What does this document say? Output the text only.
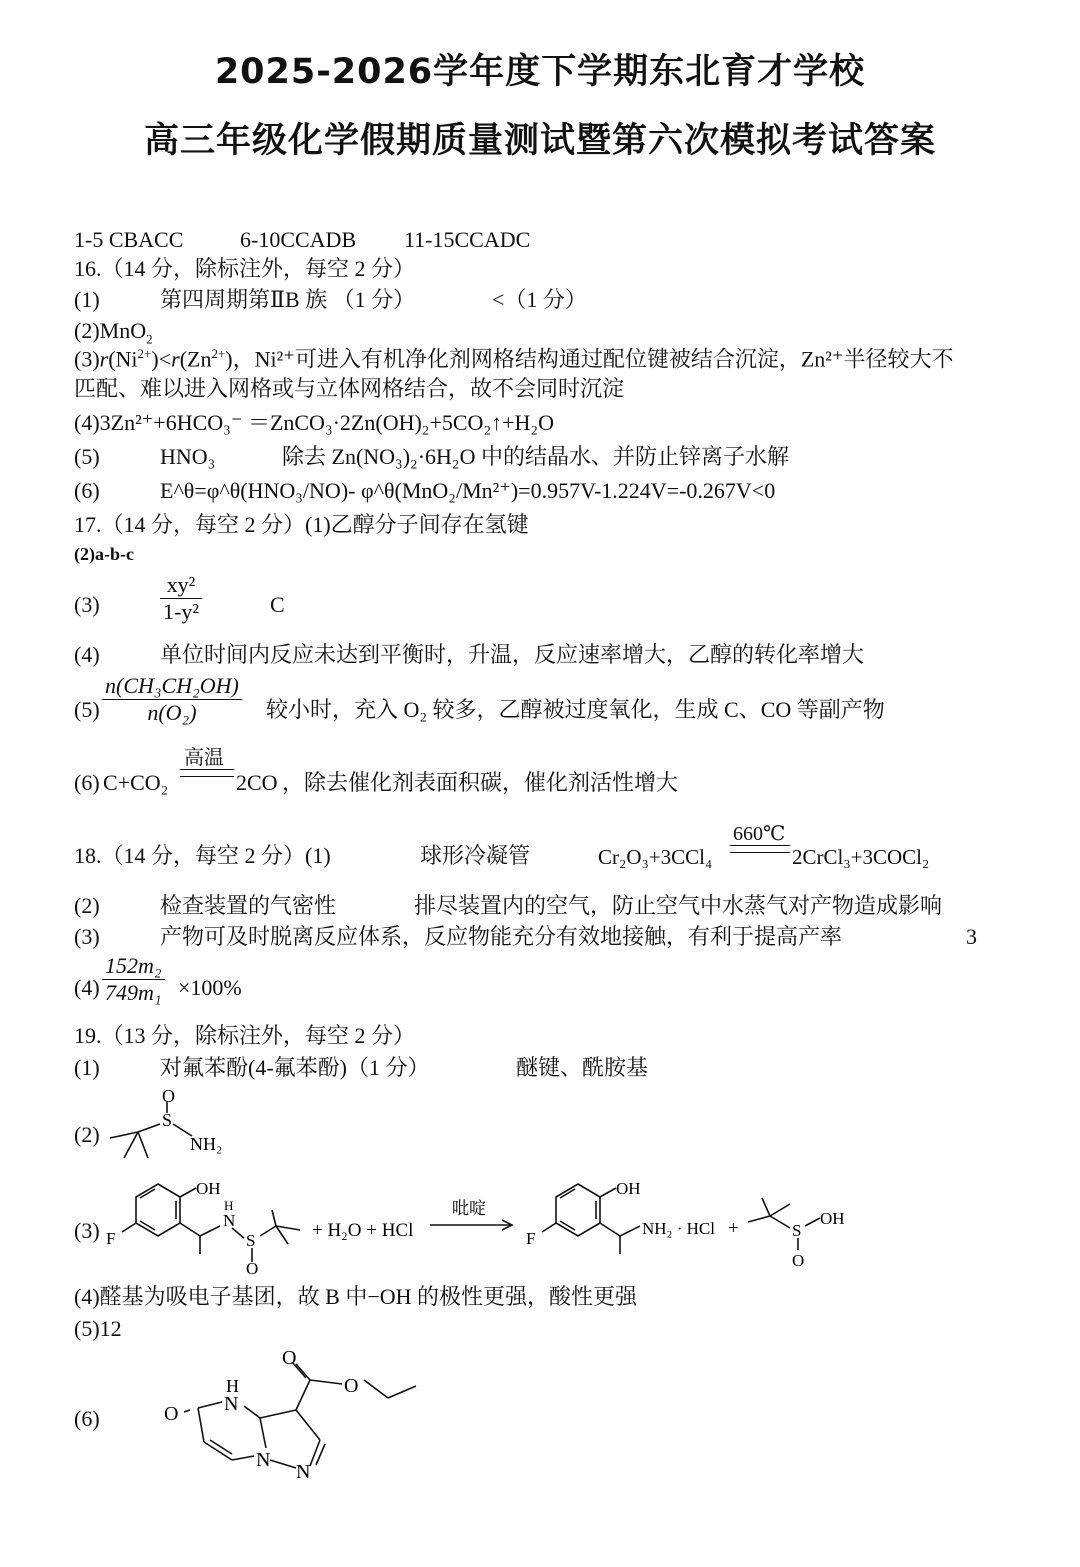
2025-2026学年度下学期东北育才学校
高三年级化学假期质量测试暨第六次模拟考试答案
1-5 CBACC	6-10CCADB 11-15CCADC
16.（14 分，除标注外，每空 2 分）
(1)	第四周期第ⅡB 族 （1 分）	<（1 分）
(2)MnO$_2$
$(3)r(Ni^{2+})<r(Zn^{2+})$，Ni²⁺可进入有机净化剂网格结构通过配位键被结合沉淀，Zn²⁺半径较大不
匹配、难以进入网格或与立体网格结合，故不会同时沉淀
(4)3Zn²⁺+6HCO₃⁻ ＝ZnCO₃·2Zn(OH)₂+5CO₂↑+H₂O
(5)	HNO₃	除去 Zn(NO₃)₂·6H₂O 中的结晶水、并防止锌离子水解
(6)	E^θ=φ^θ(HNO₃/NO)- φ^θ(MnO₂/Mn²⁺)=0.957V-1.224V=-0.267V<0
17.（14 分，每空 2 分）(1)乙醇分子间存在氢键
(2)a-b-c
(3)	$\frac{\text{xy²}}{\text{1-y²}}$	C
(4)	单位时间内反应未达到平衡时，升温，反应速率增大，乙醇的转化率增大
$(5) \frac{\text{n(CH₃CH₂OH)}}{\text{n(O₂)}}$ 较小时，充入 O₂ 较多，乙醇被过度氧化，生成 C、CO 等副产物
(6) C+CO₂
高温
2CO ，除去催化剂表面积碳，催化剂活性增大
18.（14 分，每空 2 分）(1)	球形冷凝管	Cr₂O₃+3CCl₄
660℃
2CrCl₃+3COCl₂
(2)	检查装置的气密性	排尽装置内的空气，防止空气中水蒸气对产物造成影响
(3)	产物可及时脱离反应体系，反应物能充分有效地接触，有利于提高产率	3
$(4) \frac{\text{152m₂}}{\text{749m₁}} \times 100\%$
19.（13 分，除标注外，每空 2 分）
(1)	对氟苯酚(4-氟苯酚)（1 分）	醚键、酰胺基
(2)
O
S
NH₂
(3)
OH
F
N
H
S
O
+ H₂O + HCl
吡啶
OH
F
NH₂ · HCl +	S
O
OH
(4)醛基为吸电子基团，故 B 中−OH 的极性更强，酸性更强
(5)12
(6)	O N
H
N
N
O
O
